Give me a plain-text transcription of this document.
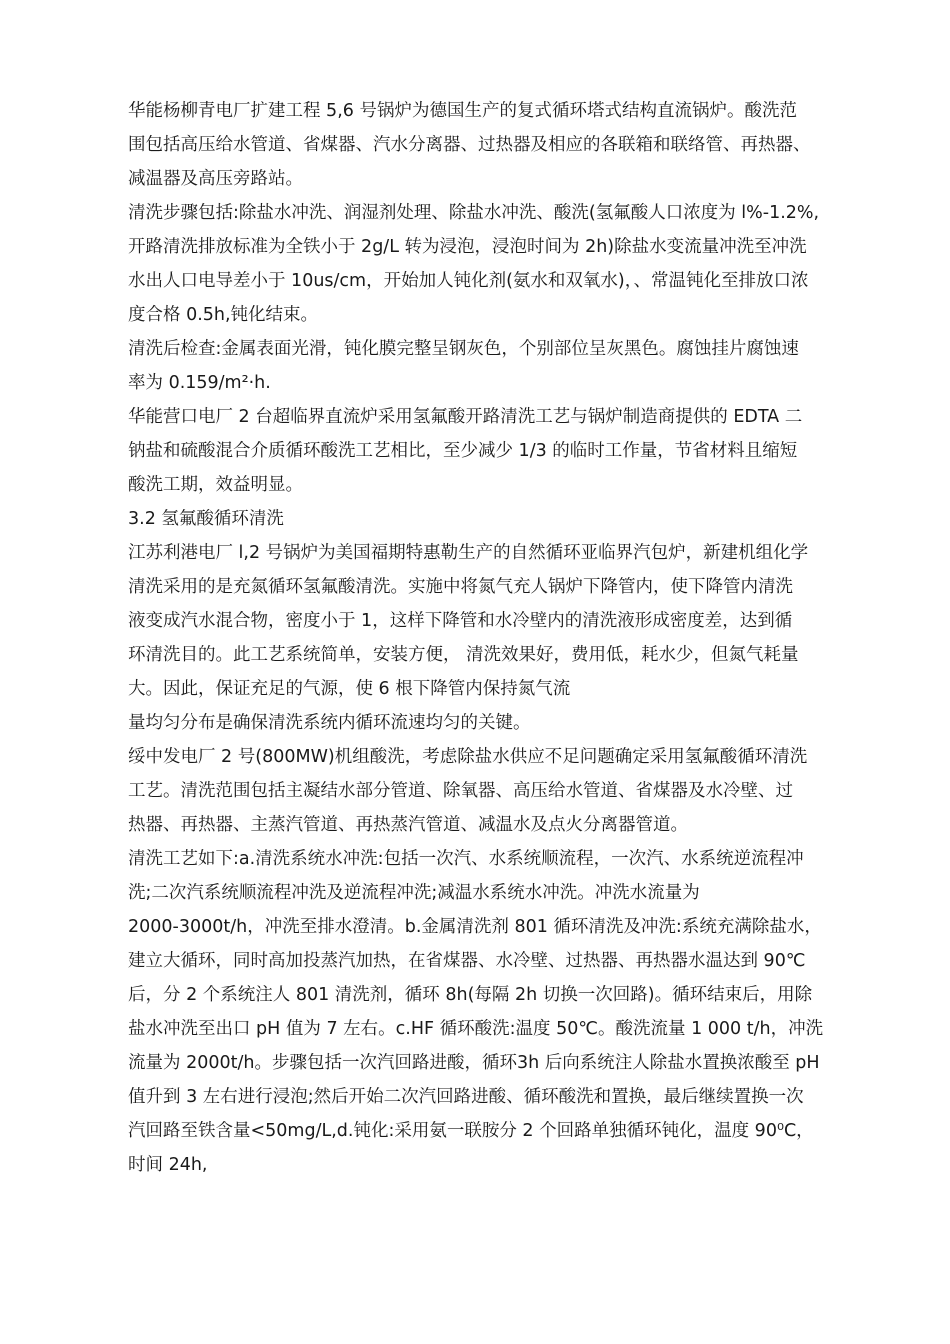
华能杨柳青电厂扩建工程 5,6 号锅炉为德国生产的复式循环塔式结构直流锅炉。酸洗范
围包括高压给水管道、省煤器、汽水分离器、过热器及相应的各联箱和联络管、再热器、
减温器及高压旁路站。
清洗步骤包括:除盐水冲洗、润湿剂处理、除盐水冲洗、酸洗(氢氟酸人口浓度为 l%-1.2%,
开路清洗排放标准为全铁小于 2g/L 转为浸泡，浸泡时间为 2h)除盐水变流量冲洗至冲洗
水出人口电导差小于 10us/cm，开始加人钝化剂(氨水和双氧水)，、常温钝化至排放口浓
度合格 0.5h,钝化结束。
清洗后检查:金属表面光滑，钝化膜完整呈钢灰色，个别部位呈灰黑色。腐蚀挂片腐蚀速
率为 0.159/m²·h.
华能营口电厂 2 台超临界直流炉采用氢氟酸开路清洗工艺与锅炉制造商提供的 EDTA 二
钠盐和硫酸混合介质循环酸洗工艺相比，至少减少 1/3 的临时工作量，节省材料且缩短
酸洗工期，效益明显。
3.2 氢氟酸循环清洗
江苏利港电厂 l,2 号锅炉为美国福期特惠勒生产的自然循环亚临界汽包炉，新建机组化学
清洗采用的是充氮循环氢氟酸清洗。实施中将氮气充人锅炉下降管内，使下降管内清洗
液变成汽水混合物，密度小于 1，这样下降管和水冷壁内的清洗液形成密度差，达到循
环清洗目的。此工艺系统简单，安装方便， 清洗效果好，费用低，耗水少，但氮气耗量
大。因此，保证充足的气源，使 6 根下降管内保持氮气流
量均匀分布是确保清洗系统内循环流速均匀的关键。
绥中发电厂 2 号(800MW)机组酸洗，考虑除盐水供应不足问题确定采用氢氟酸循环清洗
工艺。清洗范围包括主凝结水部分管道、除氧器、高压给水管道、省煤器及水冷壁、过
热器、再热器、主蒸汽管道、再热蒸汽管道、减温水及点火分离器管道。
清洗工艺如下:a.清洗系统水冲洗:包括一次汽、水系统顺流程，一次汽、水系统逆流程冲
洗;二次汽系统顺流程冲洗及逆流程冲洗;减温水系统水冲洗。冲洗水流量为
2000-3000t/h，冲洗至排水澄清。b.金属清洗剂 801 循环清洗及冲洗:系统充满除盐水，
建立大循环，同时高加投蒸汽加热，在省煤器、水冷壁、过热器、再热器水温达到 90℃
后，分 2 个系统注人 801 清洗剂，循环 8h(每隔 2h 切换一次回路)。循环结束后，用除
盐水冲洗至出口 pH 值为 7 左右。c.HF 循环酸洗:温度 50℃。酸洗流量 1 000 t/h，冲洗
流量为 2000t/h。步骤包括一次汽回路进酸，循环3h 后向系统注人除盐水置换浓酸至 pH
值升到 3 左右进行浸泡;然后开始二次汽回路进酸、循环酸洗和置换，最后继续置换一次
汽回路至铁含量<50mg/L,d.钝化:采用氨一联胺分 2 个回路单独循环钝化，温度 90⁰C，
时间 24h,
